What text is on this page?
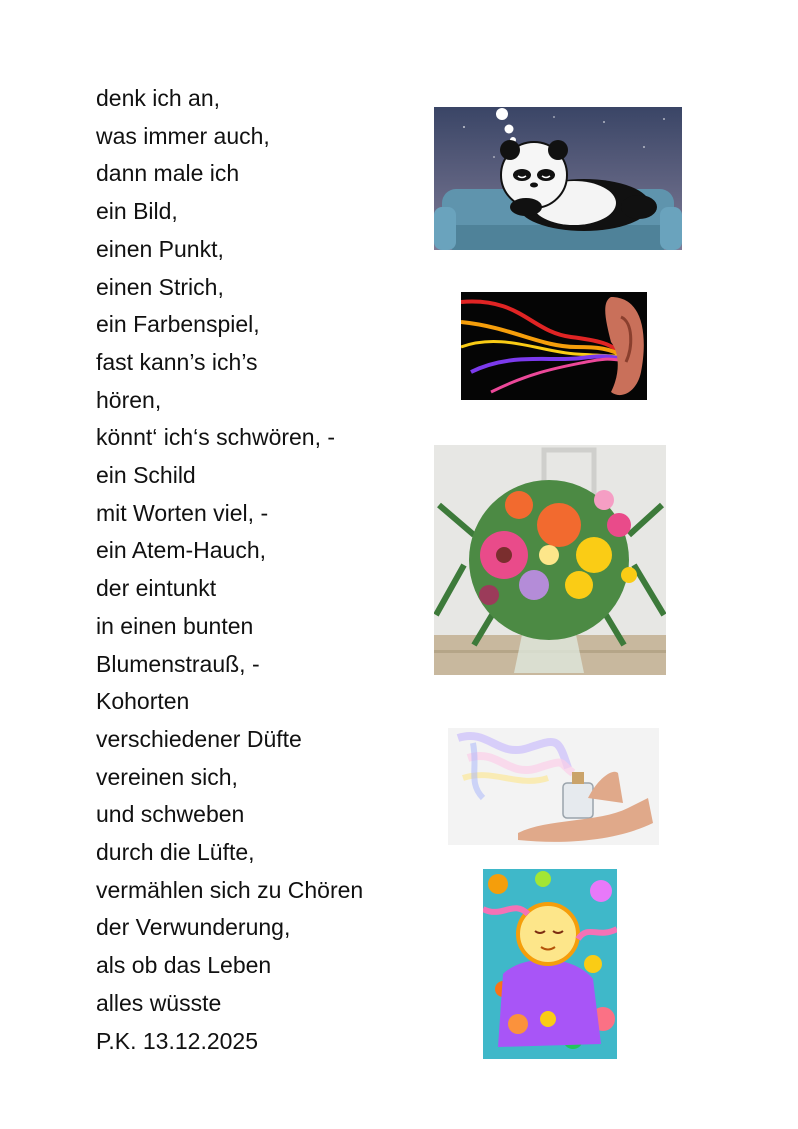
denk ich an,
was immer auch,
dann male ich
ein Bild,
einen Punkt,
einen Strich,
ein Farbenspiel,
fast kann’s ich’s
hören,
könnt‘ ich‘s schwören, -
ein Schild
mit Worten viel, -
ein Atem-Hauch,
der eintunkt
in einen bunten
Blumenstrauß, -
Kohorten
verschiedener Düfte
vereinen sich,
und schweben
durch die Lüfte,
vermählen sich zu Chören
der Verwunderung,
als ob das Leben
alles wüsste
P.K. 13.12.2025
